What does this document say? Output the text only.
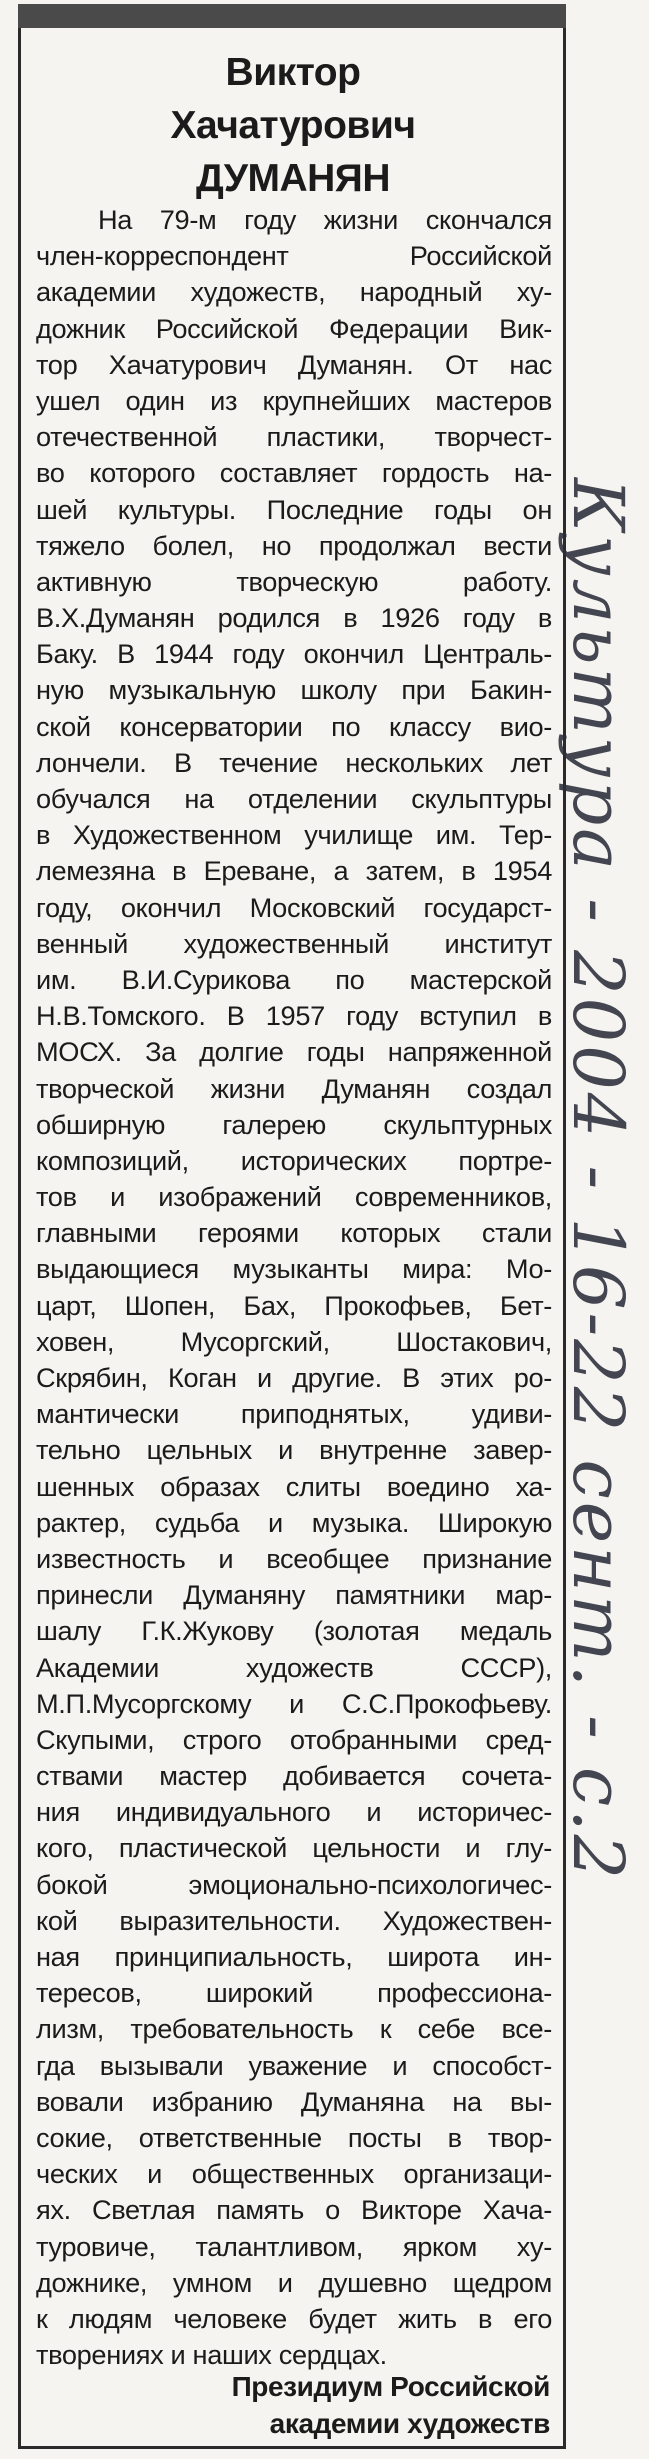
Виктор
Хачатурович
ДУМАНЯН
На 79-м году жизни скончался
член-корреспондент Российской
академии художеств, народный ху-
дожник Российской Федерации Вик-
тор Хачатурович Думанян. От нас
ушел один из крупнейших мастеров
отечественной пластики, творчест-
во которого составляет гордость на-
шей культуры. Последние годы он
тяжело болел, но продолжал вести
активную творческую работу.
В.Х.Думанян родился в 1926 году в
Баку. В 1944 году окончил Централь-
ную музыкальную школу при Бакин-
ской консерватории по классу вио-
лончели. В течение нескольких лет
обучался на отделении скульптуры
в Художественном училище им. Тер-
лемезяна в Ереване, а затем, в 1954
году, окончил Московский государст-
венный художественный институт
им. В.И.Сурикова по мастерской
Н.В.Томского. В 1957 году вступил в
МОСХ. За долгие годы напряженной
творческой жизни Думанян создал
обширную галерею скульптурных
композиций, исторических портре-
тов и изображений современников,
главными героями которых стали
выдающиеся музыканты мира: Мо-
царт, Шопен, Бах, Прокофьев, Бет-
ховен, Мусоргский, Шостакович,
Скрябин, Коган и другие. В этих ро-
мантически приподнятых, удиви-
тельно цельных и внутренне завер-
шенных образах слиты воедино ха-
рактер, судьба и музыка. Широкую
известность и всеобщее признание
принесли Думаняну памятники мар-
шалу Г.К.Жукову (золотая медаль
Академии художеств СССР),
М.П.Мусоргскому и С.С.Прокофьеву.
Скупыми, строго отобранными сред-
ствами мастер добивается сочета-
ния индивидуального и историчес-
кого, пластической цельности и глу-
бокой эмоционально-психологичес-
кой выразительности. Художествен-
ная принципиальность, широта ин-
тересов, широкий профессиона-
лизм, требовательность к себе все-
гда вызывали уважение и способст-
вовали избранию Думаняна на вы-
сокие, ответственные посты в твор-
ческих и общественных организаци-
ях. Светлая память о Викторе Хача-
туровиче, талантливом, ярком ху-
дожнике, умном и душевно щедром
к людям человеке будет жить в его
творениях и наших сердцах.
Президиум Российской
академии художеств
Культура - 2004 - 16-22 сент. - с.2
